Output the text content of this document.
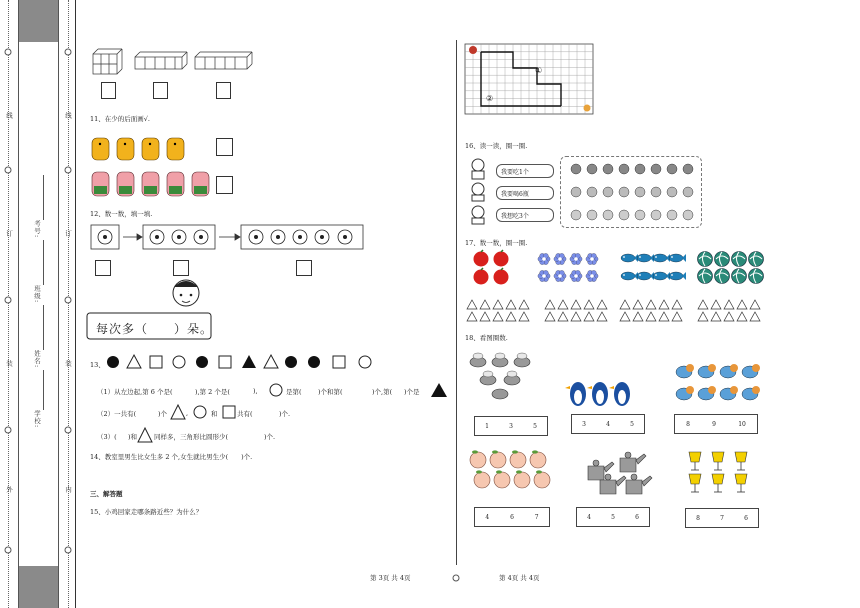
线
订
装
外
线
订
装
内
学校:
姓名:
班级:
考号:
11、在少的后面画√.
12、数一数，填一填.
每次多（　　）朵。
13、
（1）从左边起,第 6 个是(	),第 2 个是(	),	是第(	)个和第(	)个,第( )个是
（2）一共有(	)个	,	和	共有(	)个.
（3）( )和	同样多，三角形比圆形少(	)个.
14、教室里男生比女生多 2 个,女生就比男生少(　　)个.
三、解答题
15、小鸡回家走哪条路近些？为什么？
①
②
16、读一读，圈一圈.
我要吃1个
我要喝6瓶
我想吃3个
17、数一数，圈一圈.
18、看图圈数.
1	3	5	3	4	5	8	9	10
4	6	7	4	5	6	8	7	6
第 3页 共 4页	第 4页 共 4页
